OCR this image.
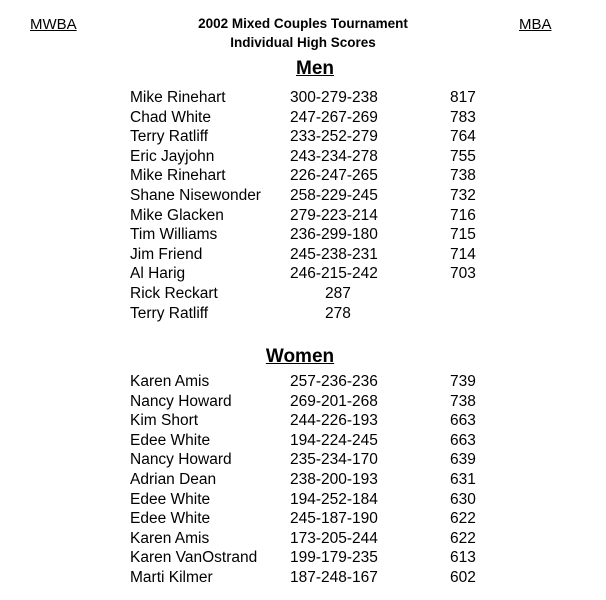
MWBA	MBA
2002 Mixed Couples Tournament
Individual High Scores
Men
Mike Rinehart	300-279-238	817
Chad White	247-267-269	783
Terry Ratliff	233-252-279	764
Eric Jayjohn	243-234-278	755
Mike Rinehart	226-247-265	738
Shane Nisewonder 258-229-245	732
Mike Glacken	279-223-214	716
Tim Williams	236-299-180	715
Jim Friend	245-238-231	714
Al Harig	246-215-242	703
Rick Reckart	287
Terry Ratliff	278
Women
Karen Amis	257-236-236	739
Nancy Howard	269-201-268	738
Kim Short	244-226-193	663
Edee White	194-224-245	663
Nancy Howard	235-234-170	639
Adrian Dean	238-200-193	631
Edee White	194-252-184	630
Edee White	245-187-190	622
Karen Amis	173-205-244	622
Karen VanOstrand 199-179-235	613
Marti Kilmer	187-248-167	602
